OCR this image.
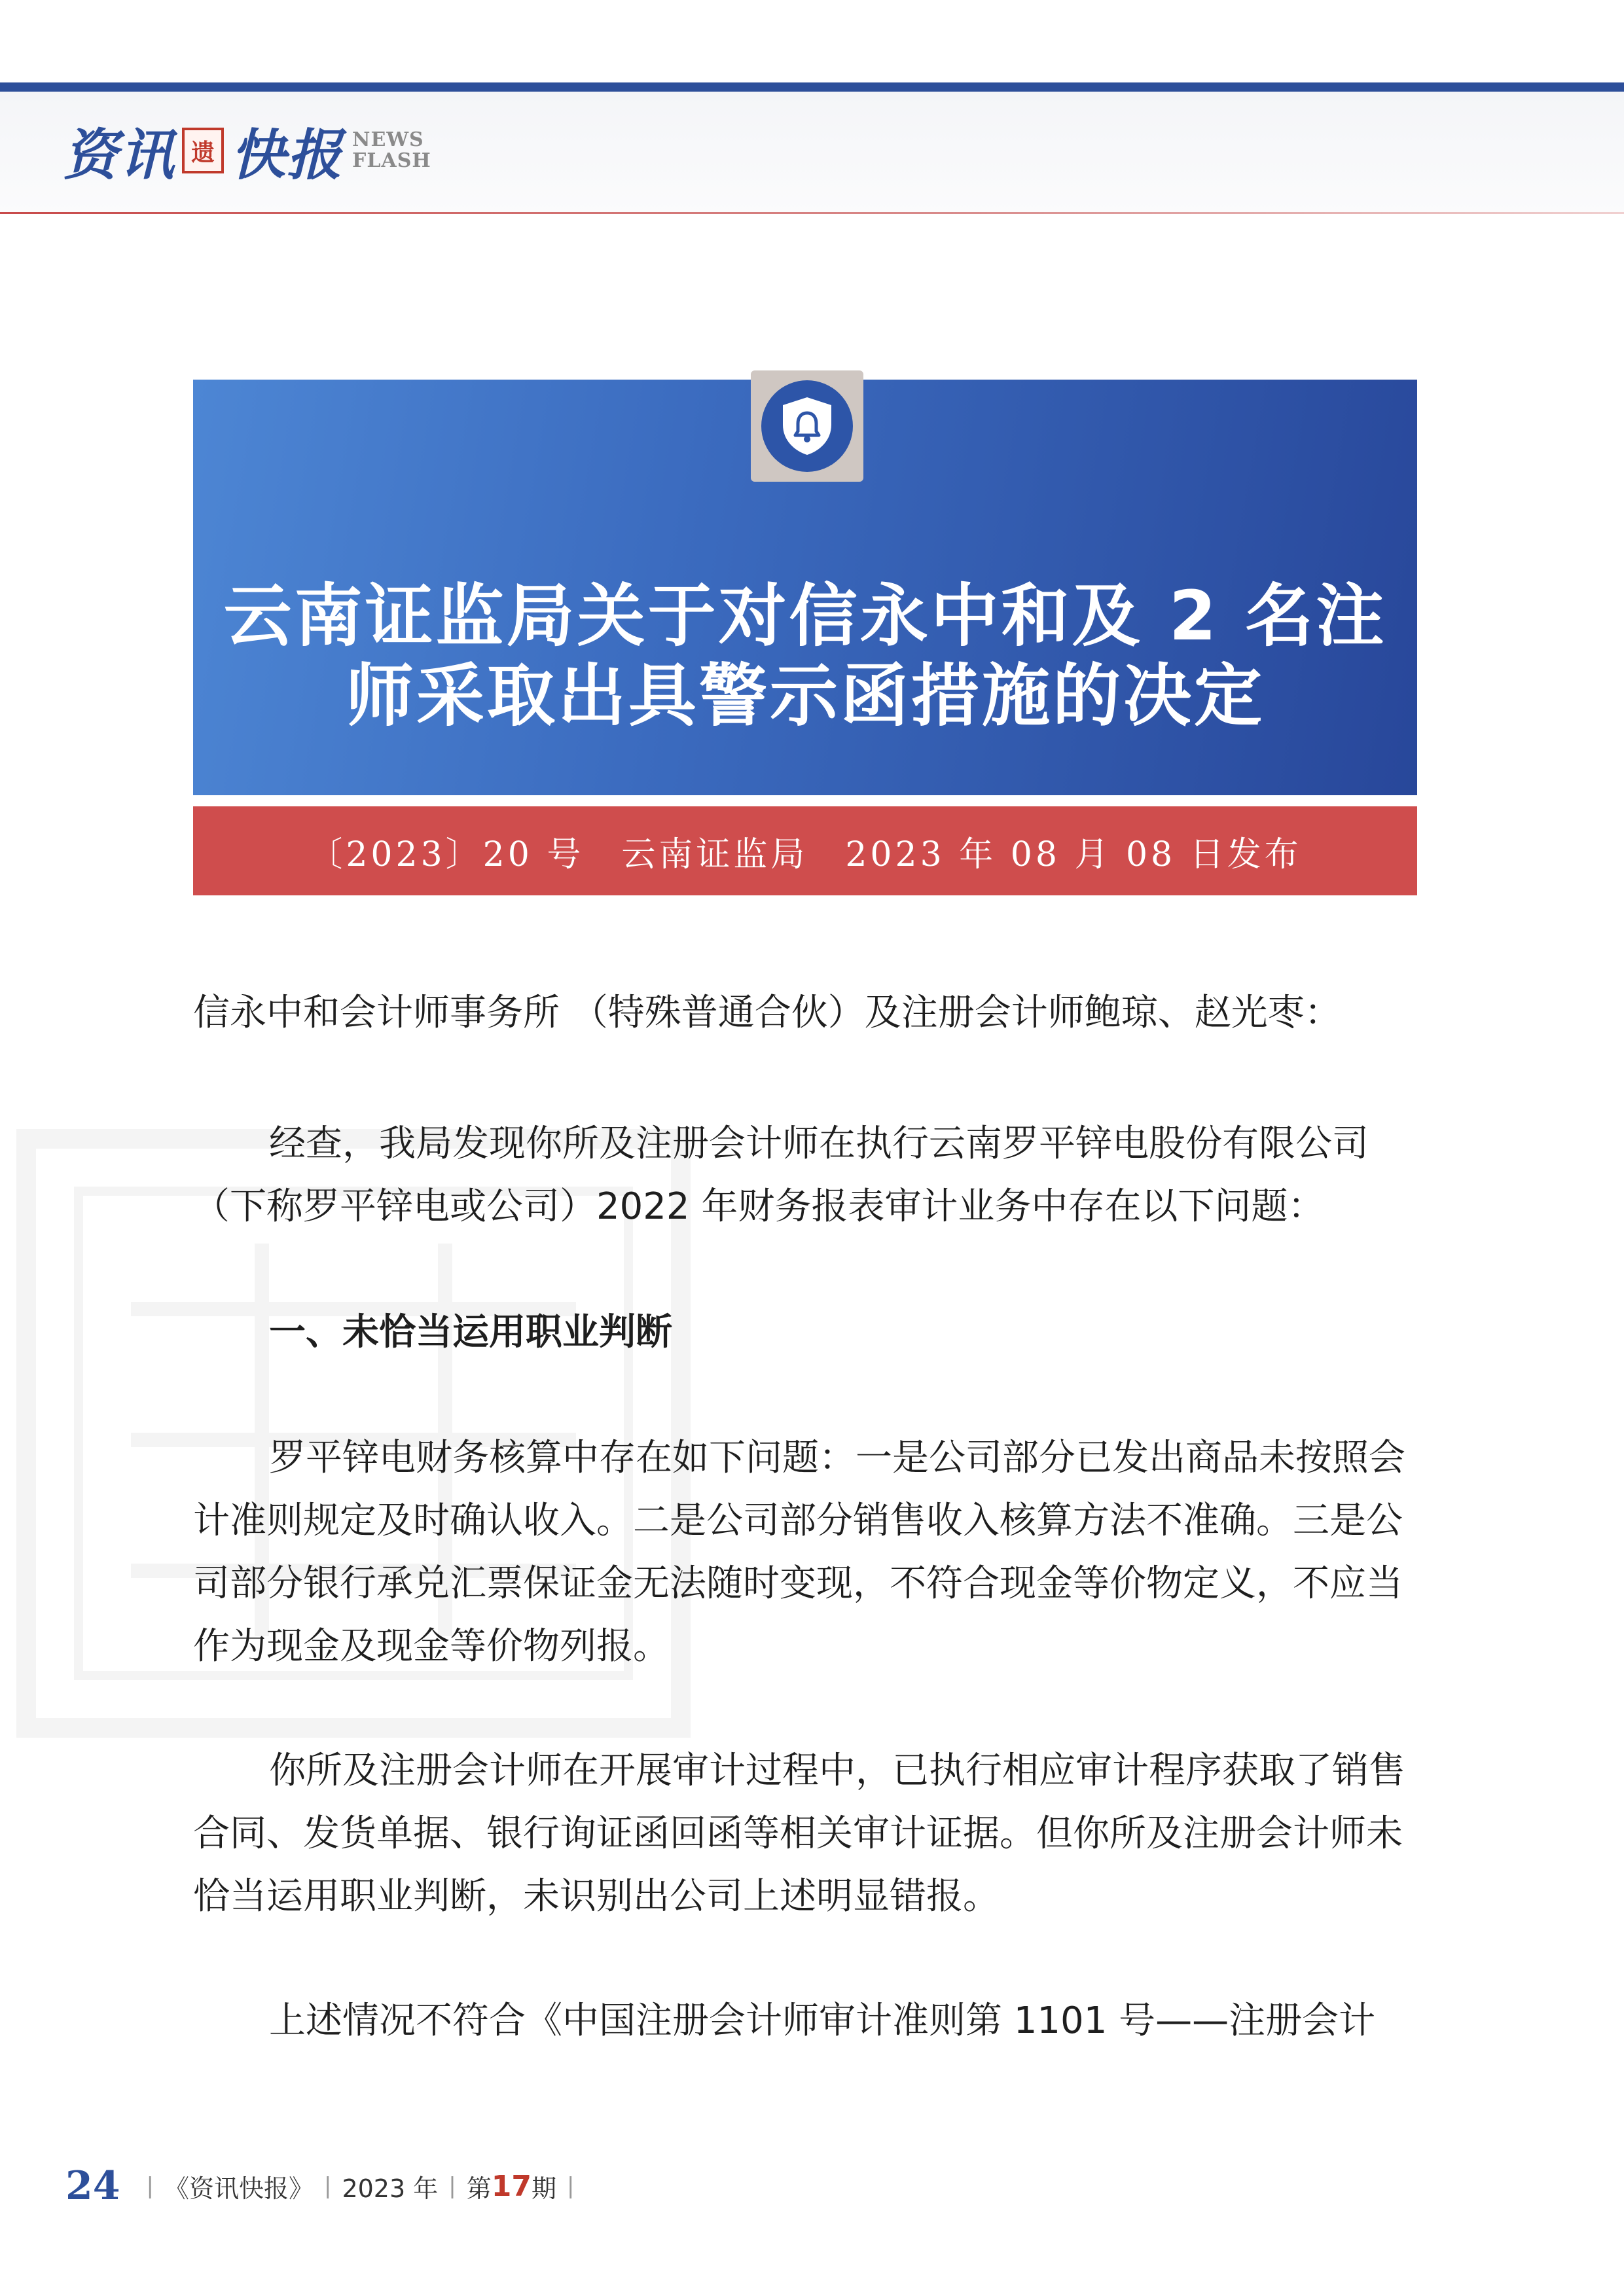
资讯 遗 快报 NEWS
FLASH
云南证监局关于对信永中和及 2 名注
师采取出具警示函措施的决定
〔2023〕20 号　云南证监局　2023 年 08 月 08 日发布

信永中和会计师事务所 （特殊普通合伙）及注册会计师鲍琼、赵光枣：

经查，我局发现你所及注册会计师在执行云南罗平锌电股份有限公司（下称罗平锌电或公司）2022 年财务报表审计业务中存在以下问题：

一、未恰当运用职业判断

罗平锌电财务核算中存在如下问题：一是公司部分已发出商品未按照会计准则规定及时确认收入。二是公司部分销售收入核算方法不准确。三是公司部分银行承兑汇票保证金无法随时变现，不符合现金等价物定义，不应当作为现金及现金等价物列报。

你所及注册会计师在开展审计过程中，已执行相应审计程序获取了销售合同、发货单据、银行询证函回函等相关审计证据。但你所及注册会计师未恰当运用职业判断，未识别出公司上述明显错报。

上述情况不符合《中国注册会计师审计准则第 1101 号——注册会计

24 | 《资讯快报》 | 2023 年 | 第 17 期 |
